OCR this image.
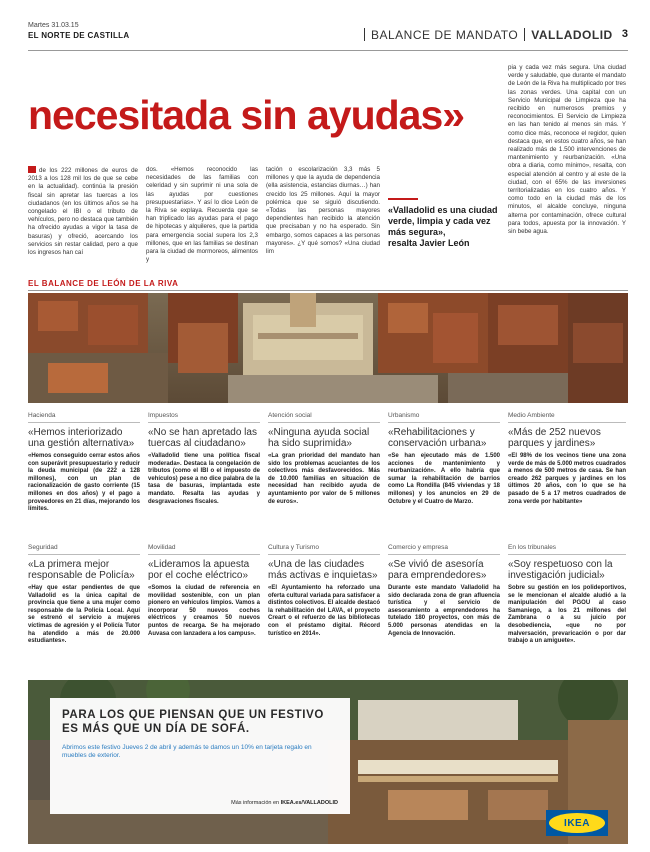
Martes 31.03.15
EL NORTE DE CASTILLA	BALANCE DE MANDATO VALLADOLID 3
necesitada sin ayudas»
de los 222 millones de euros de 2013 a los 128 mil los de que se cebe en la actualidad). continúa la presión fiscal sin apretar las tuercas a los ciudadanos (en los últimos años se ha congelado el IBI o el tributo de vehículos, pero no destaca que también ha ofrecido ayudas a vigor la tasa de basuras) y ofreció, acercando los servicios sin restar calidad, pero a que los ingresos han caí
dos. «Hemos reconocido las necesidades de las familias con celeridad y sin suprimir ni una sola de las ayudas por cuestiones presupuestarias». Y así lo dice León de la Riva se explaya. Recuerda que se han triplicado las ayudas para el pago de hipotecas y alquileres, que la partida para emergencia social supera los 2,3 millones, que en las familias se destinan para la ciudad de mormoreos, alimentos y
tación o escolarización 3,3 más 5 millones y que la ayuda de dependencia (ella asistencia, estancias diurnas…) han crecido los 25 millones. Aquí la mayor polémica que se siguió discutiendo. «Todas las personas mayores dependientes han recibido la atención que precisaban y no ha esperado. Sin embargo, somos capaces a las personas mayores». ¿Y qué somos? «Una ciudad lim
«Valladolid es una ciudad verde, limpia y cada vez más segura»,
resalta Javier León
pia y cada vez más segura. Una ciudad verde y saludable, que durante el mandato de León de la Riva ha multiplicado por tres las zonas verdes. Una capital con un Servicio Municipal de Limpieza que ha recibido en numerosos premios y reconocimientos. El Servicio de Limpieza en las han tenido al menos sin más. Y como dice más, reconoce el regidor, quien destaca que, en estos cuatro años, se han realizado más de 1.500 intervenciones de mantenimiento y reurbanización. «Una obra a diaria, como mínimo», resalta, con especial atención al centro y al este de la ciudad, con el 65% de las inversiones territorializadas en los cuatro años. Y como todo en la ciudad más de los minutos, el alcalde concluye, ninguna alterna por contaminación, ofrece cultural para todos, apuesta por la innovación. Y sin bebe agua.
EL BALANCE DE LEÓN DE LA RIVA
Hacienda
«Hemos interiorizado una gestión alternativa»
«Hemos conseguido cerrar estos años con superávit presupuestario y reducir la deuda municipal (de 222 a 128 millones), con un plan de racionalización de gasto corriente (15 millones en dos años) y el pago a proveedores en 21 días, mejorando los límites.
Impuestos
«No se han apretado las tuercas al ciudadano»
«Valladolid tiene una política fiscal moderada». Destaca la congelación de tributos (como el IBI o el impuesto de vehículos) pese a no dice palabra de la tasa de basuras, implantada este mandato. Resalta las ayudas y desgravaciones fiscales.
Atención social
«Ninguna ayuda social ha sido suprimida»
«La gran prioridad del mandato han sido los problemas acuciantes de los colectivos más desfavorecidos. Más de 10.000 familias en situación de necesidad han recibido ayuda de ayuntamiento por valor de 5 millones de euros».
Urbanismo
«Rehabilitaciones y conservación urbana»
«Se han ejecutado más de 1.500 acciones de mantenimiento y reurbanización». A ello habría que sumar la rehabilitación de barrios como La Rondilla (845 viviendas y 18 millones) y los anuncios en 29 de Octubre y el Cuatro de Marzo.
Medio Ambiente
«Más de 252 nuevos parques y jardines»
«El 98% de los vecinos tiene una zona verde de más de 5.000 metros cuadrados a menos de 500 metros de casa. Se han creado 262 parques y jardines en los últimos 20 años, con lo que se ha pasado de 5 a 17 metros cuadrados de zona verde por habitante»
Seguridad
«La primera mejor responsable de Policía»
«Hay que estar pendientes de que Valladolid es la única capital de provincia que tiene a una mujer como responsable de la Policía Local. Aquí se estrenó el servicio a mujeres víctimas de agresión y el Policía Tutor ha atendido a más de 20.000 estudiantes».
Movilidad
«Lideramos la apuesta por el coche eléctrico»
«Somos la ciudad de referencia en movilidad sostenible, con un plan pionero en vehículos limpios. Vamos a incorporar 50 nuevos coches eléctricos y creamos 50 nuevos puntos de recarga. Se ha mejorado Auvasa con lanzadera a los campus».
Cultura y Turismo
«Una de las ciudades más activas e inquietas»
«El Ayuntamiento ha reforzado una oferta cultural variada para satisfacer a distintos colectivos. El alcalde destacó la rehabilitación del LAVA, el proyecto Creart o el refuerzo de las bibliotecas con el préstamo digital. Récord turístico en 2014».
Comercio y empresa
«Se vivió de asesoría para emprendedores»
Durante este mandato Valladolid ha sido declarada zona de gran afluencia turística y el servicio de asesoramiento a emprendedores ha tutelado 180 proyectos, con más de 5.000 personas atendidas en la Agencia de Innovación.
En los tribunales
«Soy respetuoso con la investigación judicial»
Sobre su gestión en los polideportivos, se le mencionan el alcalde aludió a la manipulación del PGOU al caso Samaniego, a los 21 millones del Zambrana o a su juicio por desobediencia, «que no por malversación, prevaricación o por dar trabajo a un amiguete».
PARA LOS QUE PIENSAN QUE UN FESTIVO ES MÁS QUE UN DÍA DE SOFÁ.
Abrimos este festivo Jueves 2 de abril y además te damos un 10% en tarjeta regalo en muebles de exterior.
Más información en IKEA.es/VALLADOLID
IKEA
